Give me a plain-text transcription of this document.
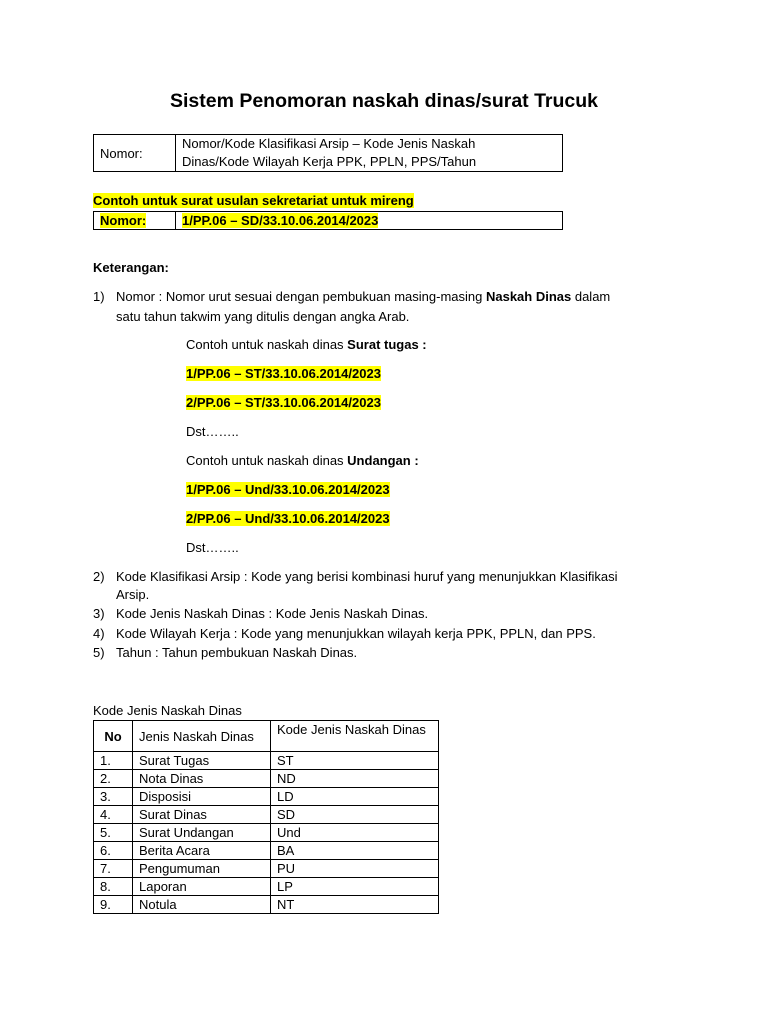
Sistem Penomoran naskah dinas/surat Trucuk
Nomor:	
Nomor/Kode Klasifikasi Arsip – Kode Jenis Naskah
Dinas/Kode Wilayah Kerja PPK, PPLN, PPS/Tahun
Contoh untuk surat usulan sekretariat untuk mireng
Nomor:	1/PP.06 – SD/33.10.06.2014/2023
Keterangan:
1) Nomor : Nomor urut sesuai dengan pembukuan masing-masing Naskah Dinas dalam
satu tahun takwim yang ditulis dengan angka Arab.
Contoh untuk naskah dinas Surat tugas :
1/PP.06 – ST/33.10.06.2014/2023
2/PP.06 – ST/33.10.06.2014/2023
Dst……..
Contoh untuk naskah dinas Undangan :
1/PP.06 – Und/33.10.06.2014/2023
2/PP.06 – Und/33.10.06.2014/2023
Dst……..
2) Kode Klasifikasi Arsip : Kode yang berisi kombinasi huruf yang menunjukkan Klasifikasi
Arsip.
3) Kode Jenis Naskah Dinas : Kode Jenis Naskah Dinas.
4) Kode Wilayah Kerja : Kode yang menunjukkan wilayah kerja PPK, PPLN, dan PPS.
5) Tahun : Tahun pembukuan Naskah Dinas.
Kode Jenis Naskah Dinas
No	Jenis Naskah Dinas	Kode Jenis Naskah Dinas
1.	Surat Tugas	ST
2.	Nota Dinas	ND
3.	Disposisi	LD
4.	Surat Dinas	SD
5.	Surat Undangan	Und
6.	Berita Acara	BA
7.	Pengumuman	PU
8.	Laporan	LP
9.	Notula	NT
